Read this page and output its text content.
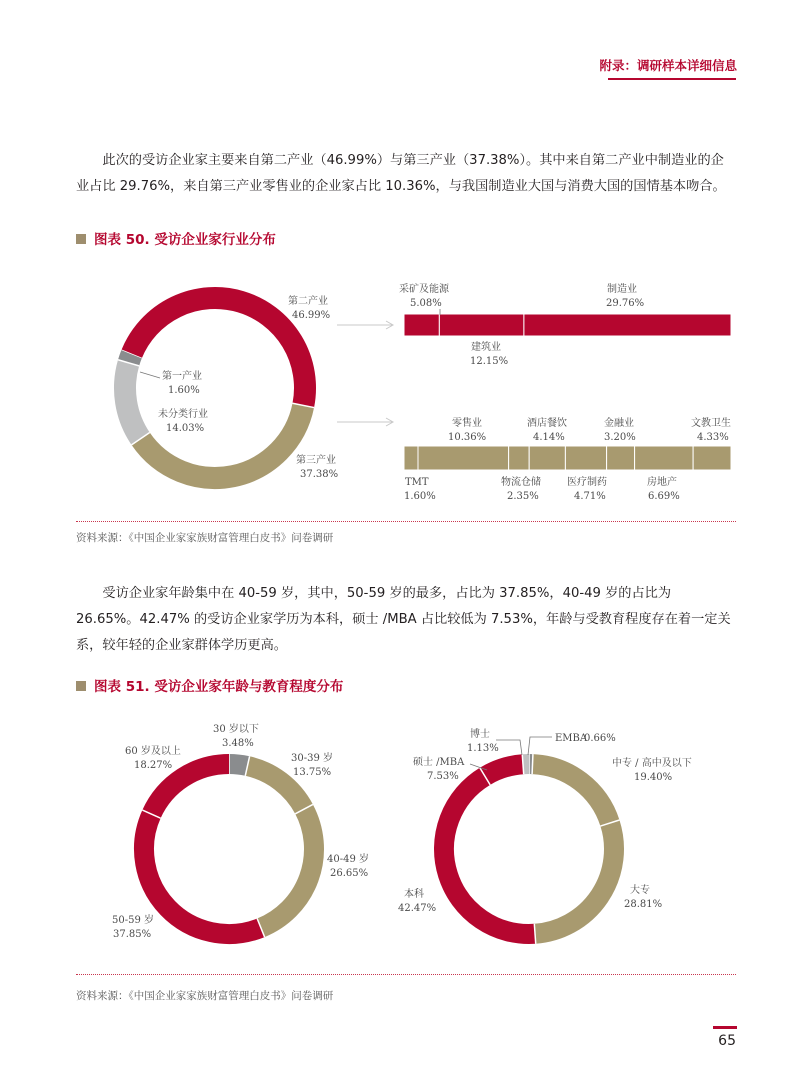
附录：调研样本详细信息

此次的受访企业家主要来自第二产业（46.99%）与第三产业（37.38%）。其中来自第二产业中制造业的企业占比 29.76%，来自第三产业零售业的企业家占比 10.36%，与我国制造业大国与消费大国的国情基本吻合。

图表 50. 受访企业家行业分布
第二产业
46.99%
第三产业
37.38%
第一产业
1.60%
未分类行业
14.03%
采矿及能源
5.08%
建筑业
12.15%
制造业
29.76%
零售业
10.36%
酒店餐饮
4.14%
金融业
3.20%
文教卫生
4.33%
TMT
1.60%
物流仓储
2.35%
医疗制药
4.71%
房地产
6.69%
资料来源：《中国企业家家族财富管理白皮书》问卷调研

受访企业家年龄集中在 40-59 岁，其中，50-59 岁的最多，占比为 37.85%，40-49 岁的占比为 26.65%。42.47% 的受访企业家学历为本科，硕士 /MBA 占比较低为 7.53%，年龄与受教育程度存在着一定关系，较年轻的企业家群体学历更高。

图表 51. 受访企业家年龄与教育程度分布
30 岁以下
3.48%
30-39 岁
13.75%
40-49 岁
26.65%
50-59 岁
37.85%
60 岁及以上
18.27%
博士
1.13%
EMBA
0.66%
硕士 /MBA
7.53%
中专 / 高中及以下
19.40%
大专
28.81%
本科
42.47%
资料来源：《中国企业家家族财富管理白皮书》问卷调研
65
